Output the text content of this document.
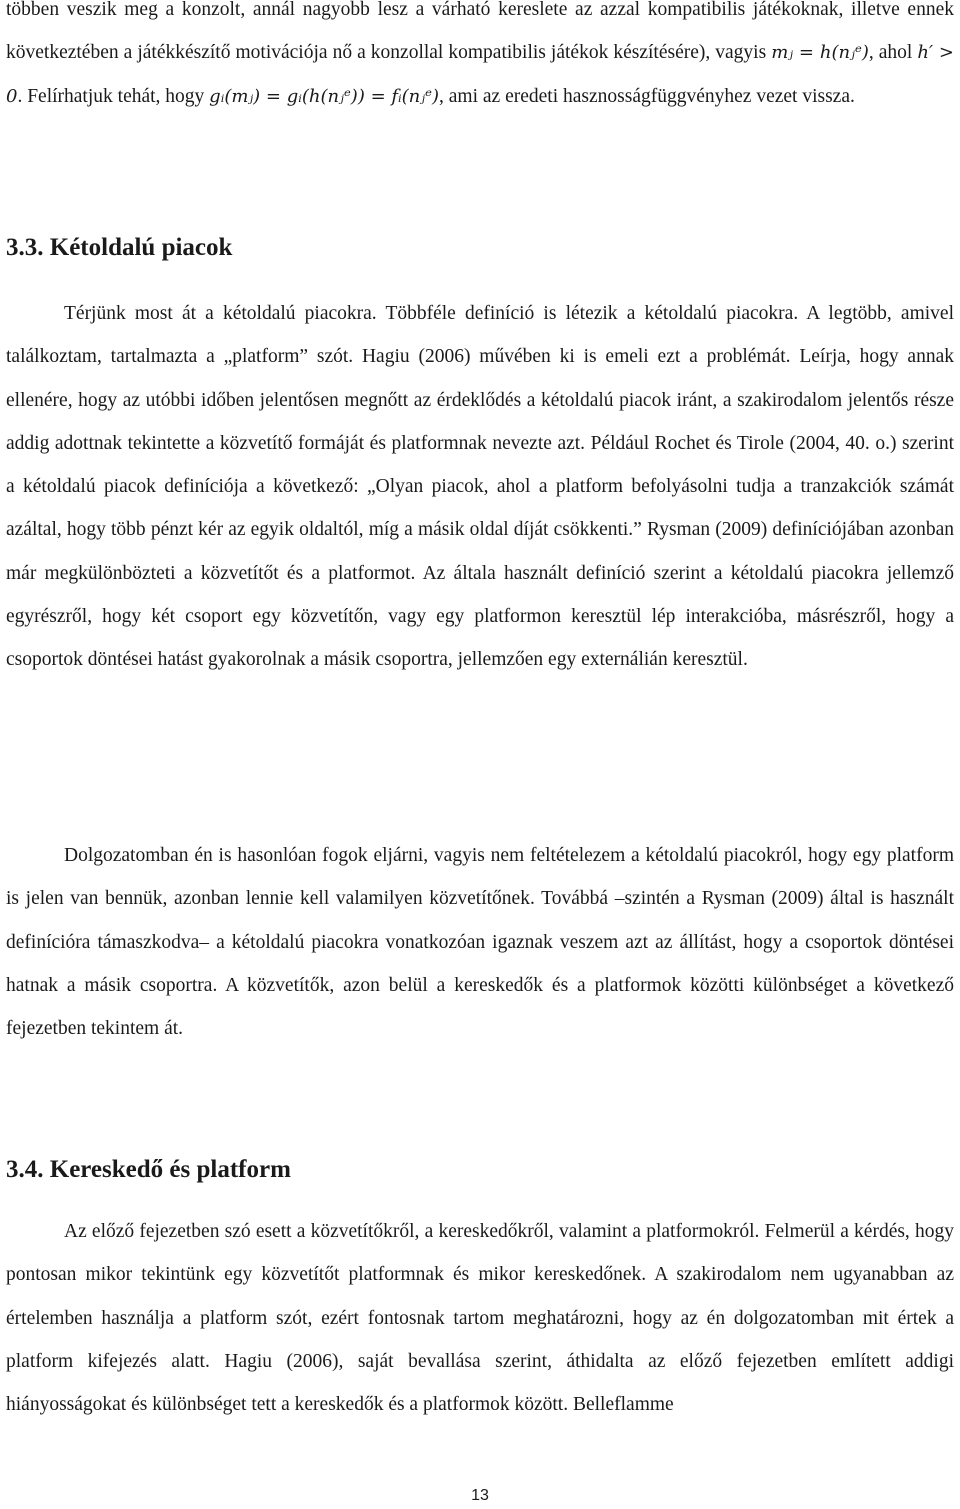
többen veszik meg a konzolt, annál nagyobb lesz a várható kereslete az azzal kompatibilis játékoknak, illetve ennek következtében a játékkészítő motivációja nő a konzollal kompatibilis játékok készítésére), vagyis mⱼ = h(nⱼᵉ), ahol h′ > 0. Felírhatjuk tehát, hogy gᵢ(mⱼ) = gᵢ(h(nⱼᵉ)) = fᵢ(nⱼᵉ), ami az eredeti hasznosságfüggvényhez vezet vissza.

3.3. Kétoldalú piacok

Térjünk most át a kétoldalú piacokra. Többféle definíció is létezik a kétoldalú piacokra. A legtöbb, amivel találkoztam, tartalmazta a „platform” szót. Hagiu (2006) művében ki is emeli ezt a problémát. Leírja, hogy annak ellenére, hogy az utóbbi időben jelentősen megnőtt az érdeklődés a kétoldalú piacok iránt, a szakirodalom jelentős része addig adottnak tekintette a közvetítő formáját és platformnak nevezte azt. Például Rochet és Tirole (2004, 40. o.) szerint a kétoldalú piacok definíciója a következő: „Olyan piacok, ahol a platform befolyásolni tudja a tranzakciók számát azáltal, hogy több pénzt kér az egyik oldaltól, míg a másik oldal díját csökkenti.” Rysman (2009) definíciójában azonban már megkülönbözteti a közvetítőt és a platformot. Az általa használt definíció szerint a kétoldalú piacokra jellemző egyrészről, hogy két csoport egy közvetítőn, vagy egy platformon keresztül lép interakcióba, másrészről, hogy a csoportok döntései hatást gyakorolnak a másik csoportra, jellemzően egy externálián keresztül.

Dolgozatomban én is hasonlóan fogok eljárni, vagyis nem feltételezem a kétoldalú piacokról, hogy egy platform is jelen van bennük, azonban lennie kell valamilyen közvetítőnek. Továbbá –szintén a Rysman (2009) által is használt definícióra támaszkodva– a kétoldalú piacokra vonatkozóan igaznak veszem azt az állítást, hogy a csoportok döntései hatnak a másik csoportra. A közvetítők, azon belül a kereskedők és a platformok közötti különbséget a következő fejezetben tekintem át.

3.4. Kereskedő és platform

Az előző fejezetben szó esett a közvetítőkről, a kereskedőkről, valamint a platformokról. Felmerül a kérdés, hogy pontosan mikor tekintünk egy közvetítőt platformnak és mikor kereskedőnek. A szakirodalom nem ugyanabban az értelemben használja a platform szót, ezért fontosnak tartom meghatározni, hogy az én dolgozatomban mit értek a platform kifejezés alatt. Hagiu (2006), saját bevallása szerint, áthidalta az előző fejezetben említett addigi hiányosságokat és különbséget tett a kereskedők és a platformok között. Belleflamme

13
